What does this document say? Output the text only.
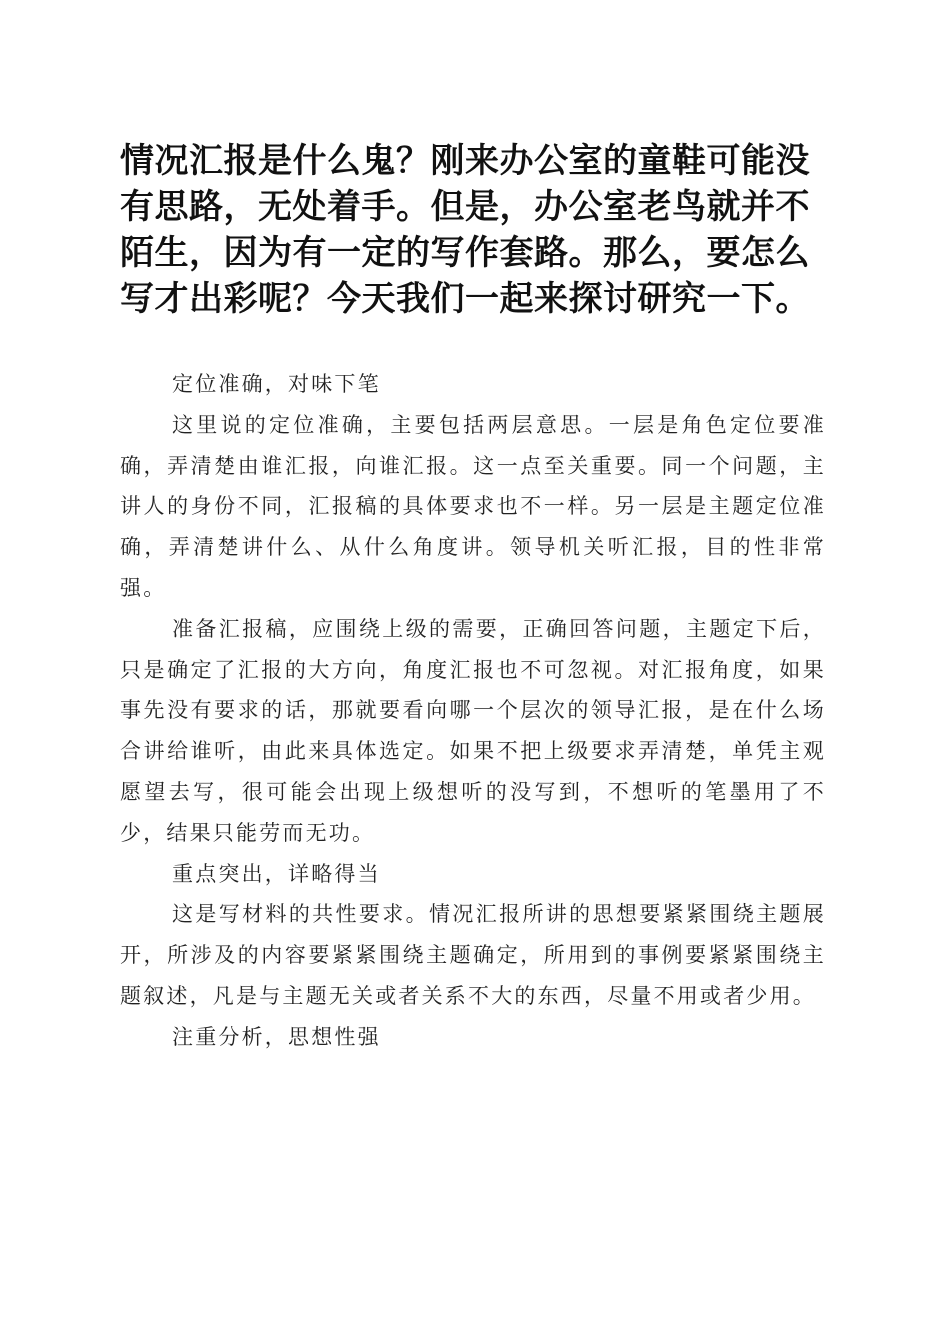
情况汇报是什么鬼？刚来办公室的童鞋可能没有思路，无处着手。但是，办公室老鸟就并不陌生，因为有一定的写作套路。那么，要怎么写才出彩呢？今天我们一起来探讨研究一下。

定位准确，对味下笔

这里说的定位准确，主要包括两层意思。一层是角色定位要准确，弄清楚由谁汇报，向谁汇报。这一点至关重要。同一个问题，主讲人的身份不同，汇报稿的具体要求也不一样。另一层是主题定位准确，弄清楚讲什么、从什么角度讲。领导机关听汇报，目的性非常强。

准备汇报稿，应围绕上级的需要，正确回答问题，主题定下后，只是确定了汇报的大方向，角度汇报也不可忽视。对汇报角度，如果事先没有要求的话，那就要看向哪一个层次的领导汇报，是在什么场合讲给谁听，由此来具体选定。如果不把上级要求弄清楚，单凭主观愿望去写，很可能会出现上级想听的没写到，不想听的笔墨用了不少，结果只能劳而无功。

重点突出，详略得当

这是写材料的共性要求。情况汇报所讲的思想要紧紧围绕主题展开，所涉及的内容要紧紧围绕主题确定，所用到的事例要紧紧围绕主题叙述，凡是与主题无关或者关系不大的东西，尽量不用或者少用。

注重分析，思想性强
